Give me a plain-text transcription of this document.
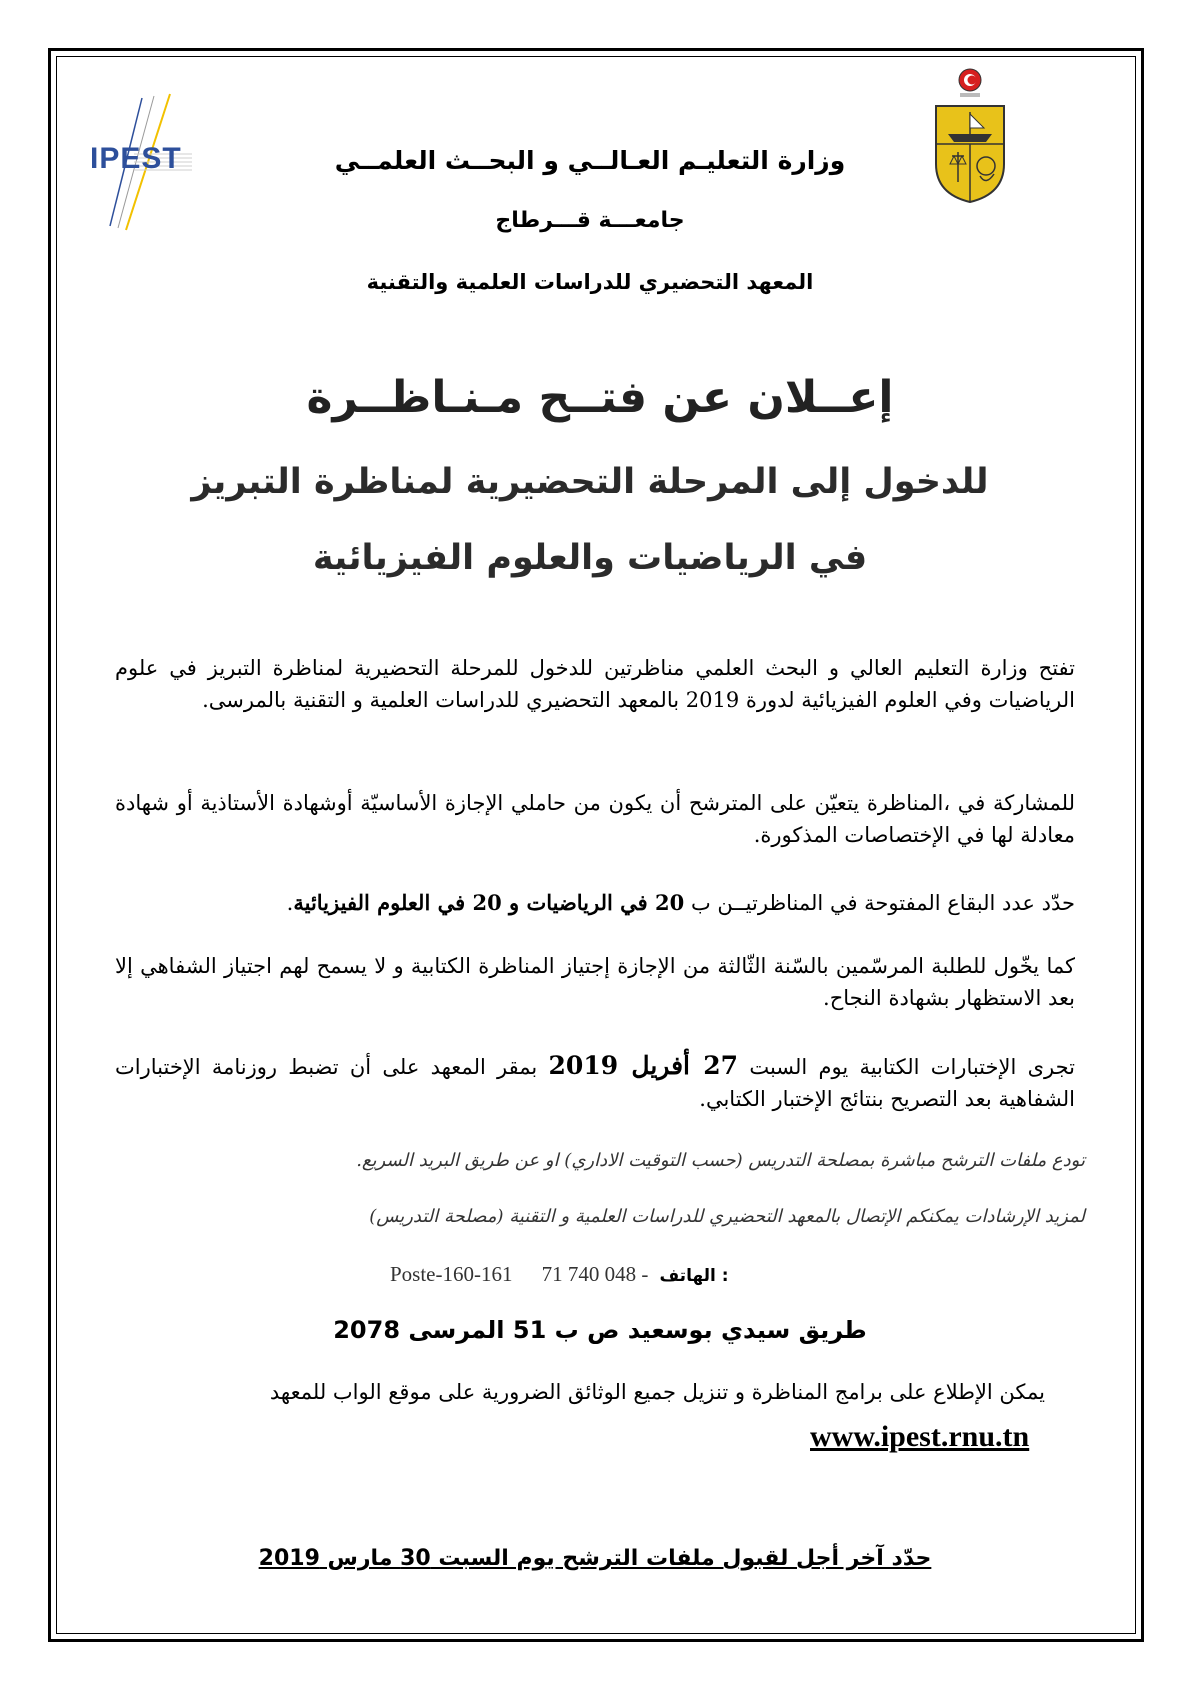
IPEST	وزارة التعليـم العـالــي و البحــث العلمــي
جامعـــة قـــرطاج
المعهد التحضيري للدراسات العلمية والتقنية
إعــلان عن فتــح مـنـاظــرة
للدخول إلى المرحلة التحضيرية لمناظرة التبريز
في الرياضيات والعلوم الفيزيائية
تفتح وزارة التعليم العالي و البحث العلمي مناظرتين للدخول للمرحلة التحضيرية لمناظرة التبريز في علوم الرياضيات وفي العلوم الفيزيائية لدورة 2019 بالمعهد التحضيري للدراسات العلمية و التقنية بالمرسى.
للمشاركة في ،المناظرة يتعيّن على المترشح أن يكون من حاملي الإجازة الأساسيّة أوشهادة الأستاذية أو شهادة معادلة لها في الإختصاصات المذكورة.
حدّد عدد البقاع المفتوحة في المناظرتيــن ب 20 في الرياضيات و 20 في العلوم الفيزيائية.
كما يخّول للطلبة المرسّمين بالسّنة الثّالثة من الإجازة إجتياز المناظرة الكتابية و لا يسمح لهم اجتياز الشفاهي إلا بعد الاستظهار بشهادة النجاح.
تجرى الإختبارات الكتابية يوم السبت 27 أفريل 2019 بمقر المعهد على أن تضبط روزنامة الإختبارات الشفاهية بعد التصريح بنتائج الإختبار الكتابي.
تودع ملفات الترشح مباشرة بمصلحة التدريس (حسب التوقيت الاداري) او عن طريق البريد السريع.
لمزيد الإرشادات يمكنكم الإتصال بالمعهد التحضيري للدراسات العلمية و التقنية (مصلحة التدريس)
Poste-160-161 71 740 048 - الهاتف :
طريق سيدي بوسعيد ص ب 51 المرسى 2078
يمكن الإطلاع على برامج المناظرة و تنزيل جميع الوثائق الضرورية على موقع الواب للمعهد
www.ipest.rnu.tn
حدّد آخر أجل لقبول ملفات الترشح يوم السبت 30 مارس 2019
